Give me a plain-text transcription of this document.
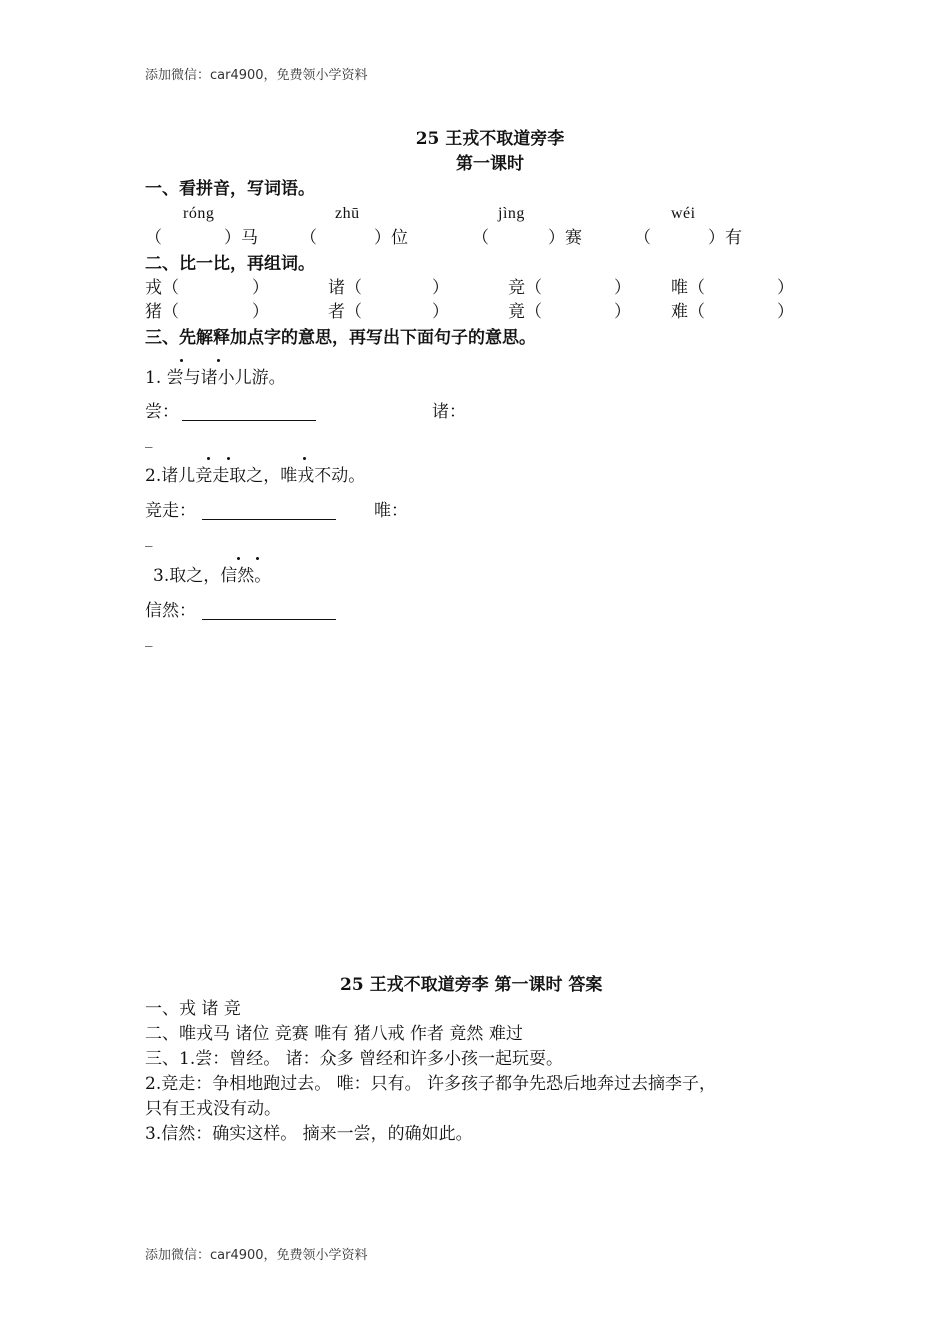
添加微信：car4900，免费领小学资料
25 王戎不取道旁李
第一课时
一、看拼音，写词语。
róng	zhū	jìng	wéi
（	）马 （	）位	（	）赛	（	）有
二、比一比，再组词。
戎（	）	诸（	）	竞（	） 唯（	）
猪（	）	者（	）	竟（	） 难（	）
三、先解释加点字的意思，再写出下面句子的意思。
1. 尝与诸小儿游。
尝：	诸：
_
2.诸儿竞走取之，唯戎不动。
竞走：	唯：
_
3.取之，信然。
信然：
_
25 王戎不取道旁李 第一课时 答案
一、戎 诸 竞
二、唯戎马 诸位 竞赛 唯有 猪八戒 作者 竟然 难过
三、1.尝：曾经。 诸：众多 曾经和许多小孩一起玩耍。
2.竞走：争相地跑过去。 唯：只有。 许多孩子都争先恐后地奔过去摘李子，
只有王戎没有动。
3.信然：确实这样。 摘来一尝，的确如此。
添加微信：car4900，免费领小学资料
